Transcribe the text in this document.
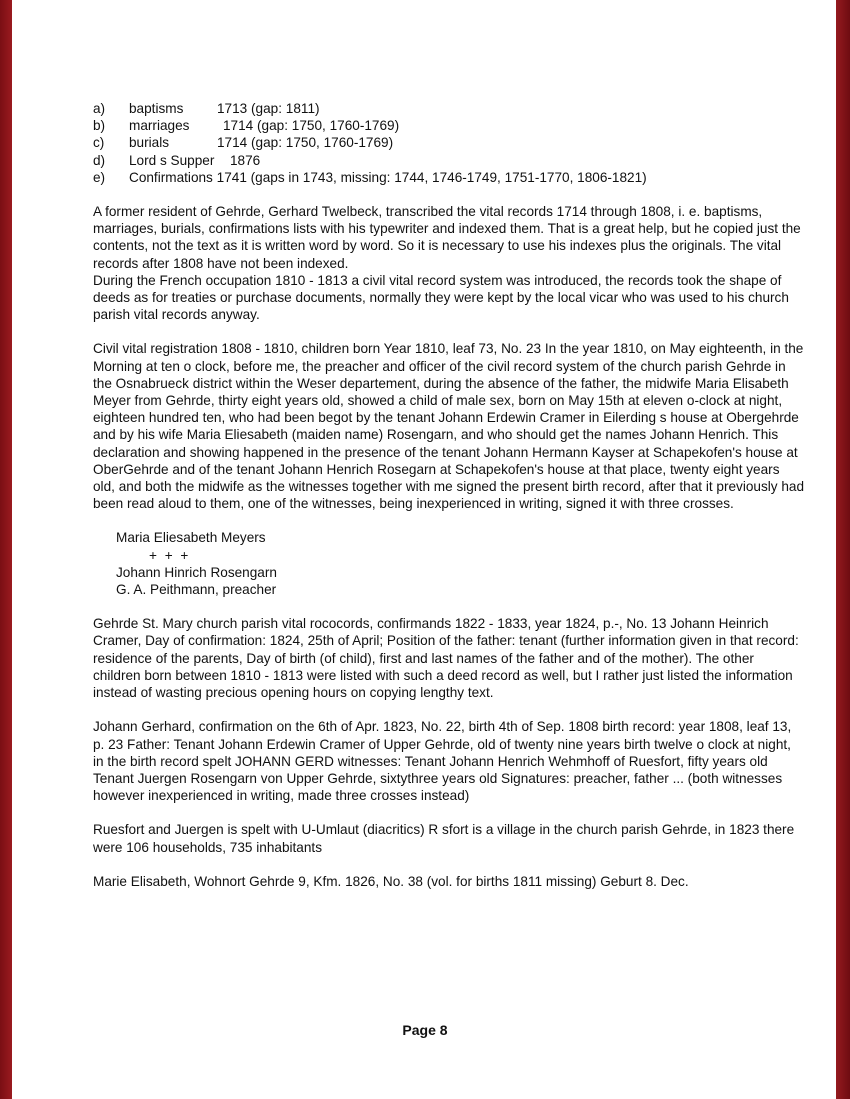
a)	baptisms	1713 (gap: 1811)
b)	marriages	1714 (gap: 1750, 1760-1769)
c)	burials	1714 (gap: 1750, 1760-1769)
d)	Lord s Supper	1876
e)	Confirmations 1741 (gaps in 1743, missing: 1744, 1746-1749, 1751-1770, 1806-1821)

A former resident of Gehrde, Gerhard Twelbeck, transcribed the vital records 1714 through 1808, i. e. baptisms, marriages, burials, confirmations lists with his typewriter and indexed them. That is a great help, but he copied just the contents, not the text as it is written word by word. So it is necessary to use his indexes plus the originals. The vital records after 1808 have not been indexed.
During the French occupation 1810 - 1813 a civil vital record system was introduced, the records took the shape of deeds as for treaties or purchase documents, normally they were kept by the local vicar who was used to his church parish vital records anyway.

Civil vital registration 1808 - 1810, children born Year 1810, leaf 73, No. 23 In the year 1810, on May eighteenth, in the Morning at ten o clock, before me, the preacher and officer of the civil record system of the church parish Gehrde in the Osnabrueck district within the Weser departement, during the absence of the father, the midwife Maria Elisabeth Meyer from Gehrde, thirty eight years old, showed a child of male sex, born on May 15th at eleven o-clock at night, eighteen hundred ten, who had been begot by the tenant Johann Erdewin Cramer in Eilerding s house at Obergehrde and by his wife Maria Eliesabeth (maiden name) Rosengarn, and who should get the names Johann Henrich. This declaration and showing happened in the presence of the tenant Johann Hermann Kayser at Schapekofen's house at OberGehrde and of the tenant Johann Henrich Rosegarn at Schapekofen's house at that place, twenty eight years old, and both the midwife as the witnesses together with me signed the present birth record, after that it previously had been read aloud to them, one of the witnesses, being inexperienced in writing, signed it with three crosses.

Maria Eliesabeth Meyers
+ + +
Johann Hinrich Rosengarn
G. A. Peithmann, preacher

Gehrde St. Mary church parish vital rococords, confirmands 1822 - 1833, year 1824, p.-, No. 13 Johann Heinrich Cramer, Day of confirmation: 1824, 25th of April; Position of the father: tenant (further information given in that record: residence of the parents, Day of birth (of child), first and last names of the father and of the mother). The other children born between 1810 - 1813 were listed with such a deed record as well, but I rather just listed the information instead of wasting precious opening hours on copying lengthy text.

Johann Gerhard, confirmation on the 6th of Apr. 1823, No. 22, birth 4th of Sep. 1808 birth record: year 1808, leaf 13, p. 23 Father: Tenant Johann Erdewin Cramer of Upper Gehrde, old of twenty nine years birth twelve o clock at night, in the birth record spelt JOHANN GERD witnesses: Tenant Johann Henrich Wehmhoff of Ruesfort, fifty years old Tenant Juergen Rosengarn von Upper Gehrde, sixtythree years old Signatures: preacher, father ... (both witnesses however inexperienced in writing, made three crosses instead)

Ruesfort and Juergen is spelt with U-Umlaut (diacritics) R sfort is a village in the church parish Gehrde, in 1823 there were 106 households, 735 inhabitants

Marie Elisabeth, Wohnort Gehrde 9, Kfm. 1826, No. 38 (vol. for births 1811 missing) Geburt 8. Dec.

Page 8
